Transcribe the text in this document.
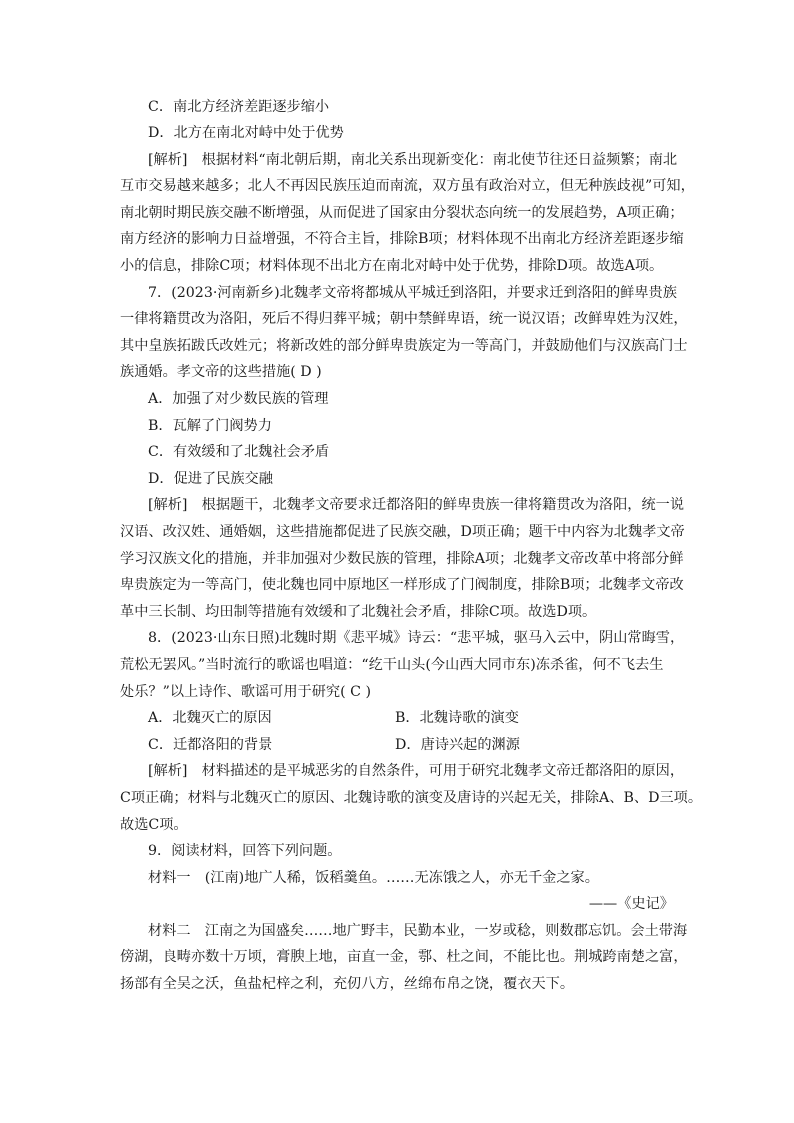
C．南北方经济差距逐步缩小
D．北方在南北对峙中处于优势
[解析]　根据材料“南北朝后期，南北关系出现新变化：南北使节往还日益频繁；南北
互市交易越来越多；北人不再因民族压迫而南流，双方虽有政治对立，但无种族歧视”可知，
南北朝时期民族交融不断增强，从而促进了国家由分裂状态向统一的发展趋势，A项正确；
南方经济的影响力日益增强，不符合主旨，排除B项；材料体现不出南北方经济差距逐步缩
小的信息，排除C项；材料体现不出北方在南北对峙中处于优势，排除D项。故选A项。
7．(2023·河南新乡)北魏孝文帝将都城从平城迁到洛阳，并要求迁到洛阳的鲜卑贵族
一律将籍贯改为洛阳，死后不得归葬平城；朝中禁鲜卑语，统一说汉语；改鲜卑姓为汉姓，
其中皇族拓跋氏改姓元；将新改姓的部分鲜卑贵族定为一等高门，并鼓励他们与汉族高门士
族通婚。孝文帝的这些措施( D )
A．加强了对少数民族的管理
B．瓦解了门阀势力
C．有效缓和了北魏社会矛盾
D．促进了民族交融
[解析]　根据题干，北魏孝文帝要求迁都洛阳的鲜卑贵族一律将籍贯改为洛阳，统一说
汉语、改汉姓、通婚姻，这些措施都促进了民族交融，D项正确；题干中内容为北魏孝文帝
学习汉族文化的措施，并非加强对少数民族的管理，排除A项；北魏孝文帝改革中将部分鲜
卑贵族定为一等高门，使北魏也同中原地区一样形成了门阀制度，排除B项；北魏孝文帝改
革中三长制、均田制等措施有效缓和了北魏社会矛盾，排除C项。故选D项。
8．(2023·山东日照)北魏时期《悲平城》诗云：“悲平城，驱马入云中，阴山常晦雪，
荒松无罢风。”当时流行的歌谣也唱道：“纥干山头(今山西大同市东)冻杀雀，何不飞去生
处乐？”以上诗作、歌谣可用于研究( C )
A．北魏灭亡的原因	B．北魏诗歌的演变
C．迁都洛阳的背景	D．唐诗兴起的渊源
[解析]　材料描述的是平城恶劣的自然条件，可用于研究北魏孝文帝迁都洛阳的原因，
C项正确；材料与北魏灭亡的原因、北魏诗歌的演变及唐诗的兴起无关，排除A、B、D三项。
故选C项。
9．阅读材料，回答下列问题。
材料一　(江南)地广人稀，饭稻羹鱼。……无冻饿之人，亦无千金之家。
——《史记》
材料二　江南之为国盛矣……地广野丰，民勤本业，一岁或稔，则数郡忘饥。会土带海
傍湖，良畴亦数十万顷，膏腴上地，亩直一金，鄠、杜之间，不能比也。荆城跨南楚之富，
扬部有全吴之沃，鱼盐杞梓之利，充仞八方，丝绵布帛之饶，覆衣天下。
